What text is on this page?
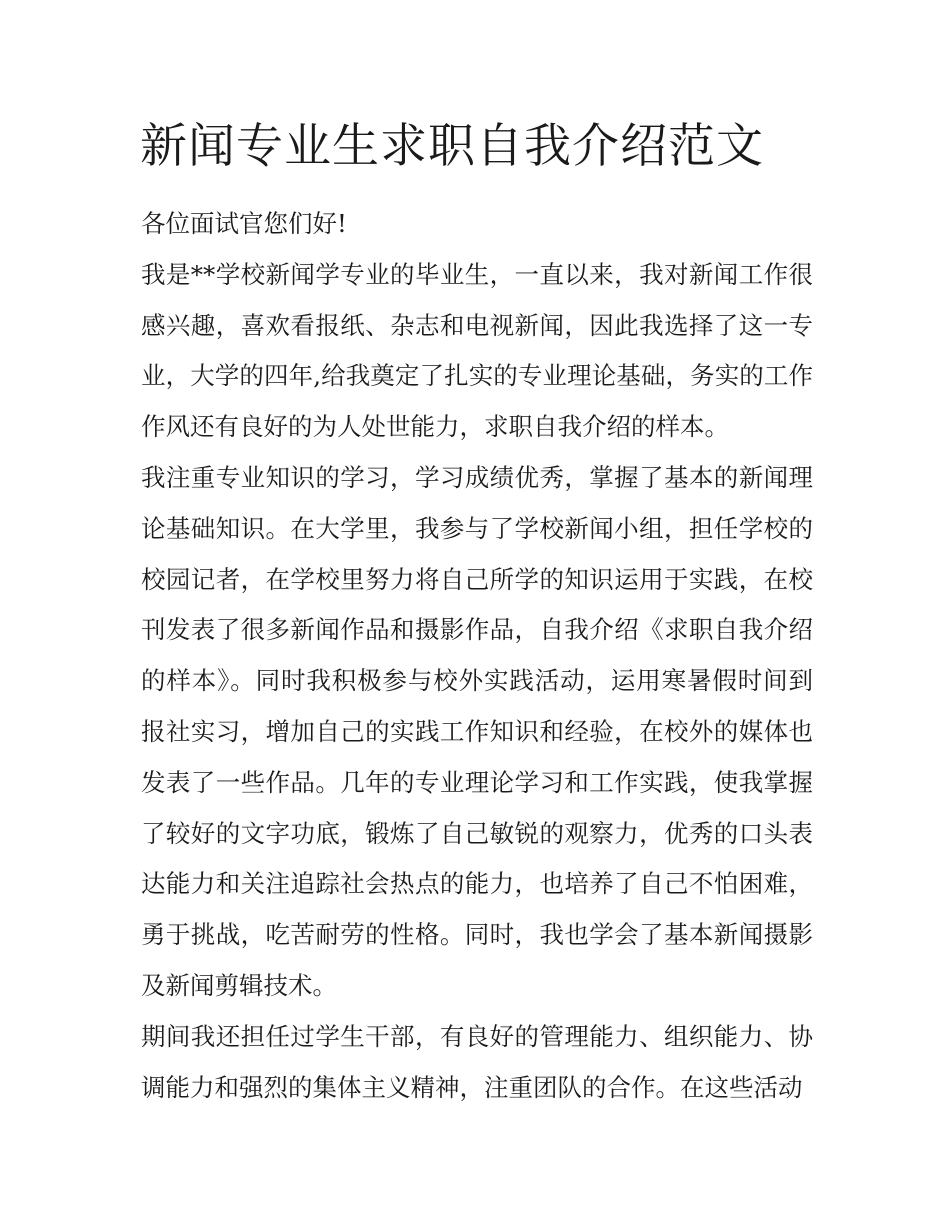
新闻专业生求职自我介绍范文

各位面试官您们好!

我是**学校新闻学专业的毕业生，一直以来，我对新闻工作很感兴趣，喜欢看报纸、杂志和电视新闻，因此我选择了这一专业，大学的四年,给我奠定了扎实的专业理论基础，务实的工作作风还有良好的为人处世能力，求职自我介绍的样本。

我注重专业知识的学习，学习成绩优秀，掌握了基本的新闻理论基础知识。在大学里，我参与了学校新闻小组，担任学校的校园记者，在学校里努力将自己所学的知识运用于实践，在校刊发表了很多新闻作品和摄影作品，自我介绍《求职自我介绍的样本》。同时我积极参与校外实践活动，运用寒暑假时间到报社实习，增加自己的实践工作知识和经验，在校外的媒体也发表了一些作品。几年的专业理论学习和工作实践，使我掌握了较好的文字功底，锻炼了自己敏锐的观察力，优秀的口头表达能力和关注追踪社会热点的能力，也培养了自己不怕困难，勇于挑战，吃苦耐劳的性格。同时，我也学会了基本新闻摄影及新闻剪辑技术。

期间我还担任过学生干部，有良好的管理能力、组织能力、协调能力和强烈的集体主义精神，注重团队的合作。在这些活动
